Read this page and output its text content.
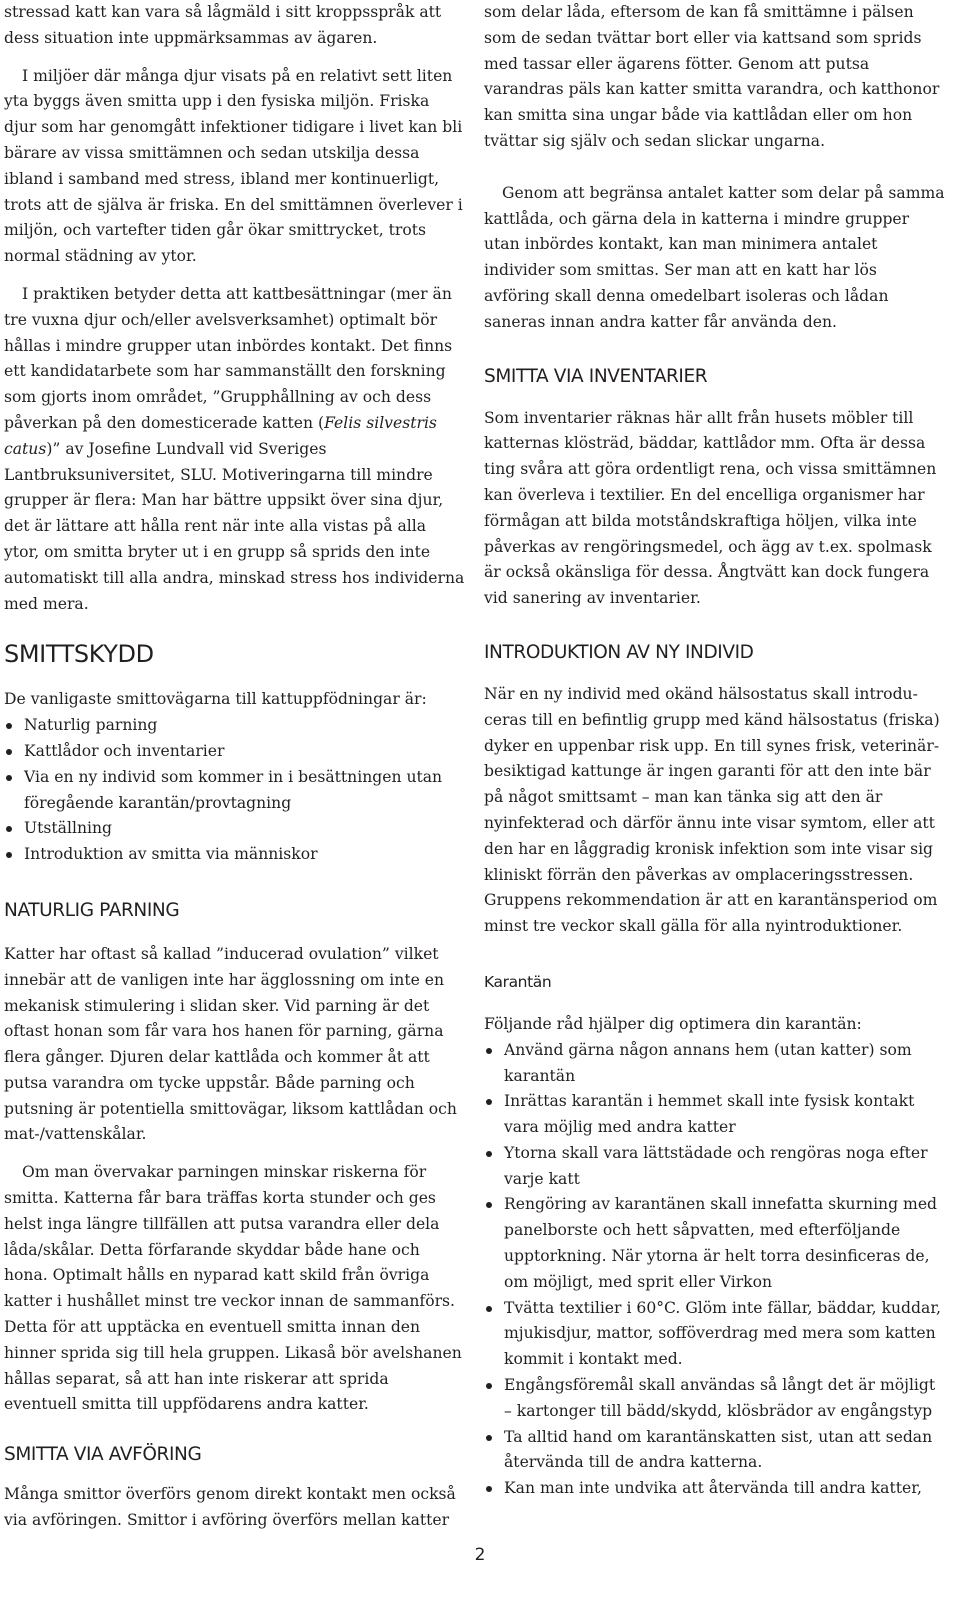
stressad katt kan vara så lågmäld i sitt kroppsspråk att dess situation inte uppmärksammas av ägaren.

I miljöer där många djur visats på en relativt sett liten yta byggs även smitta upp i den fysiska miljön. Friska djur som har genomgått infektioner tidigare i livet kan bli bärare av vissa smittämnen och sedan utskilja dessa ibland i samband med stress, ibland mer kontinuerligt, trots att de själva är friska. En del smittämnen överlever i miljön, och vartefter tiden går ökar smittrycket, trots normal städning av ytor.

I praktiken betyder detta att kattbesättningar (mer än tre vuxna djur och/eller avelsverksamhet) optimalt bör hållas i mindre grupper utan inbördes kontakt. Det finns ett kandidatarbete som har sammanställt den forskning som gjorts inom området, ”Grupphållning av och dess påverkan på den domesticerade katten (Felis silvestris catus)” av Josefine Lundvall vid Sveriges Lantbruksuniversitet, SLU. Motiveringarna till mindre grupper är flera: Man har bättre uppsikt över sina djur, det är lättare att hålla rent när inte alla vistas på alla ytor, om smitta bryter ut i en grupp så sprids den inte automatiskt till alla andra, minskad stress hos individerna med mera.

SMITTSKYDD

De vanligaste smittovägarna till kattuppfödningar är:

Naturlig parning
Kattlådor och inventarier
Via en ny individ som kommer in i besättningen utan föregående karantän/provtagning
Utställning
Introduktion av smitta via människor
NATURLIG PARNING

Katter har oftast så kallad ”inducerad ovulation” vilket innebär att de vanligen inte har ägglossning om inte en mekanisk stimulering i slidan sker. Vid parning är det oftast honan som får vara hos hanen för parning, gärna flera gånger. Djuren delar kattlåda och kommer åt att putsa varandra om tycke uppstår. Både parning och putsning är potentiella smittovägar, liksom kattlådan och mat-/vattenskålar.

Om man övervakar parningen minskar riskerna för smitta. Katterna får bara träffas korta stunder och ges helst inga längre tillfällen att putsa varandra eller dela låda/skålar. Detta förfarande skyddar både hane och hona. Optimalt hålls en nyparad katt skild från övriga katter i hushållet minst tre veckor innan de sammanförs. Detta för att upptäcka en eventuell smitta innan den hinner sprida sig till hela gruppen. Likaså bör avelshanen hållas separat, så att han inte riskerar att sprida eventuell smitta till uppfödarens andra katter.

SMITTA VIA AVFÖRING

Många smittor överförs genom direkt kontakt men också via avföringen. Smittor i avföring överförs mellan katter

som delar låda, eftersom de kan få smittämne i pälsen som de sedan tvättar bort eller via kattsand som sprids med tassar eller ägarens fötter. Genom att putsa varandras päls kan katter smitta varandra, och katthonor kan smitta sina ungar både via kattlådan eller om hon tvättar sig själv och sedan slickar ungarna.

Genom att begränsa antalet katter som delar på samma kattlåda, och gärna dela in katterna i mindre grupper utan inbördes kontakt, kan man minimera antalet individer som smittas. Ser man att en katt har lös avföring skall denna omedelbart isoleras och lådan saneras innan andra katter får använda den.

SMITTA VIA INVENTARIER

Som inventarier räknas här allt från husets möbler till katternas klösträd, bäddar, kattlådor mm. Ofta är dessa ting svåra att göra ordentligt rena, och vissa smittämnen kan överleva i textilier. En del encelliga organismer har förmågan att bilda motståndskraftiga höljen, vilka inte påverkas av rengöringsmedel, och ägg av t.ex. spolmask är också okänsliga för dessa. Ångtvätt kan dock fungera vid sanering av inventarier.

INTRODUKTION AV NY INDIVID

När en ny individ med okänd hälsostatus skall introduceras till en befintlig grupp med känd hälsostatus (friska) dyker en uppenbar risk upp. En till synes frisk, veterinärbesiktigad kattunge är ingen garanti för att den inte bär på något smittsamt – man kan tänka sig att den är nyinfekterad och därför ännu inte visar symtom, eller att den har en låggradig kronisk infektion som inte visar sig kliniskt förrän den påverkas av omplaceringsstressen. Gruppens rekommendation är att en karantänsperiod om minst tre veckor skall gälla för alla nyintroduktioner.

Karantän

Följande råd hjälper dig optimera din karantän:

Använd gärna någon annans hem (utan katter) som karantän
Inrättas karantän i hemmet skall inte fysisk kontakt vara möjlig med andra katter
Ytorna skall vara lättstädade och rengöras noga efter varje katt
Rengöring av karantänen skall innefatta skurning med panelborste och hett såpvatten, med efterföljande upptorkning. När ytorna är helt torra desinficeras de, om möjligt, med sprit eller Virkon
Tvätta textilier i 60°C. Glöm inte fällar, bäddar, kuddar, mjukisdjur, mattor, sofföverdrag med mera som katten kommit i kontakt med.
Engångsföremål skall användas så långt det är möjligt – kartonger till bädd/skydd, klösbrädor av engångstyp
Ta alltid hand om karantänskatten sist, utan att sedan återvända till de andra katterna.
Kan man inte undvika att återvända till andra katter,
2
